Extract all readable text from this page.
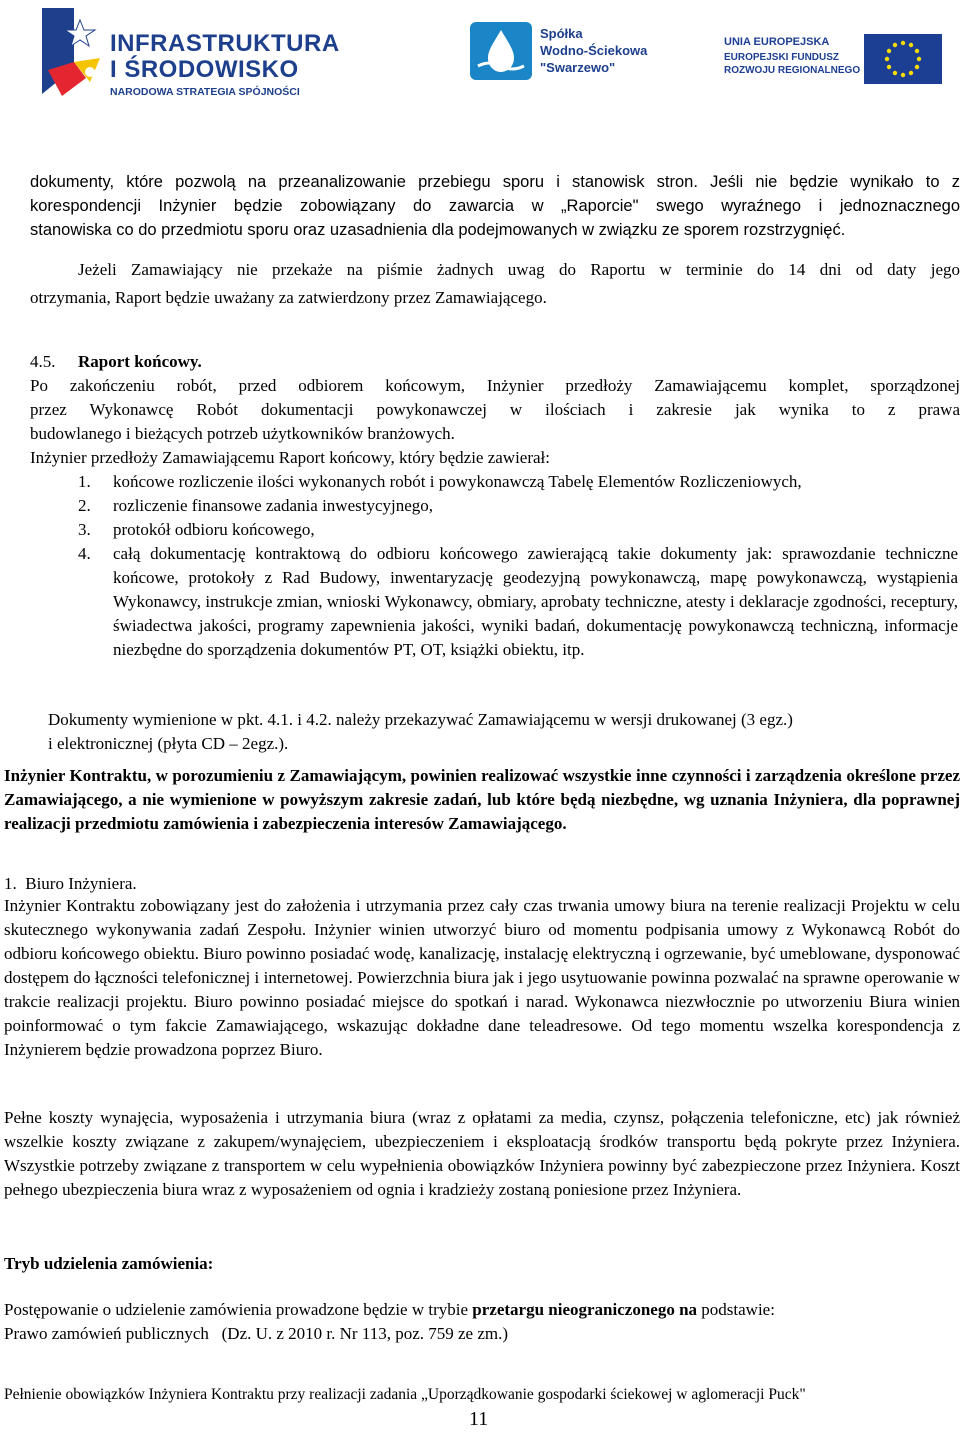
INFRASTRUKTURA
I ŚRODOWISKO
NARODOWA STRATEGIA SPÓJNOŚCI
Spółka
Wodno-Ściekowa
"Swarzewo"
UNIA EUROPEJSKA
EUROPEJSKI FUNDUSZ
ROZWOJU REGIONALNEGO
dokumenty, które pozwolą na przeanalizowanie przebiegu sporu i stanowisk stron. Jeśli nie będzie wynikało to z
korespondencji Inżynier będzie zobowiązany do zawarcia w „Raporcie" swego wyraźnego i jednoznacznego
stanowiska co do przedmiotu sporu oraz uzasadnienia dla podejmowanych w związku ze sporem rozstrzygnięć.
Jeżeli Zamawiający nie przekaże na piśmie żadnych uwag do Raportu w terminie do 14 dni od daty jego
otrzymania, Raport będzie uważany za zatwierdzony przez Zamawiającego.
4.5. Raport końcowy.
Po zakończeniu robót, przed odbiorem końcowym, Inżynier przedłoży Zamawiającemu komplet, sporządzonej
przez Wykonawcę Robót dokumentacji powykonawczej w ilościach i zakresie jak wynika to z prawa
budowlanego i bieżących potrzeb użytkowników branżowych.
Inżynier przedłoży Zamawiającemu Raport końcowy, który będzie zawierał:
1. końcowe rozliczenie ilości wykonanych robót i powykonawczą Tabelę Elementów Rozliczeniowych,
2. rozliczenie finansowe zadania inwestycyjnego,
3. protokół odbioru końcowego,
4. całą dokumentację kontraktową do odbioru końcowego zawierającą takie dokumenty jak: sprawozdanie techniczne końcowe, protokoły z Rad Budowy, inwentaryzację geodezyjną powykonawczą, mapę powykonawczą, wystąpienia Wykonawcy, instrukcje zmian, wnioski Wykonawcy, obmiary, aprobaty techniczne, atesty i deklaracje zgodności, receptury, świadectwa jakości, programy zapewnienia jakości, wyniki badań, dokumentację powykonawczą techniczną, informacje niezbędne do sporządzenia dokumentów PT, OT, książki obiektu, itp.
Dokumenty wymienione w pkt. 4.1. i 4.2. należy przekazywać Zamawiającemu w wersji drukowanej (3 egz.)
i elektronicznej (płyta CD – 2egz.).
Inżynier Kontraktu, w porozumieniu z Zamawiającym, powinien realizować wszystkie inne czynności i zarządzenia określone przez Zamawiającego, a nie wymienione w powyższym zakresie zadań, lub które będą niezbędne, wg uznania Inżyniera, dla poprawnej realizacji przedmiotu zamówienia i zabezpieczenia interesów Zamawiającego.
1.  Biuro Inżyniera.
Inżynier Kontraktu zobowiązany jest do założenia i utrzymania przez cały czas trwania umowy biura na terenie realizacji Projektu w celu skutecznego wykonywania zadań Zespołu. Inżynier winien utworzyć biuro od momentu podpisania umowy z Wykonawcą Robót do odbioru końcowego obiektu. Biuro powinno posiadać wodę, kanalizację, instalację elektryczną i ogrzewanie, być umeblowane, dysponować dostępem do łączności telefonicznej i internetowej. Powierzchnia biura jak i jego usytuowanie powinna pozwalać na sprawne operowanie w trakcie realizacji projektu. Biuro powinno posiadać miejsce do spotkań i narad. Wykonawca niezwłocznie po utworzeniu Biura winien poinformować o tym fakcie Zamawiającego, wskazując dokładne dane teleadresowe. Od tego momentu wszelka korespondencja z Inżynierem będzie prowadzona poprzez Biuro.
Pełne koszty wynajęcia, wyposażenia i utrzymania biura (wraz z opłatami za media, czynsz, połączenia telefoniczne, etc) jak również wszelkie koszty związane z zakupem/wynajęciem, ubezpieczeniem i eksploatacją środków transportu będą pokryte przez Inżyniera. Wszystkie potrzeby związane z transportem w celu wypełnienia obowiązków Inżyniera powinny być zabezpieczone przez Inżyniera. Koszt pełnego ubezpieczenia biura wraz z wyposażeniem od ognia i kradzieży zostaną poniesione przez Inżyniera.
Tryb udzielenia zamówienia:
Postępowanie o udzielenie zamówienia prowadzone będzie w trybie przetargu nieograniczonego na podstawie:
Prawo zamówień publicznych   (Dz. U. z 2010 r. Nr 113, poz. 759 ze zm.)
Pełnienie obowiązków Inżyniera Kontraktu przy realizacji zadania „Uporządkowanie gospodarki ściekowej w aglomeracji Puck"
11
